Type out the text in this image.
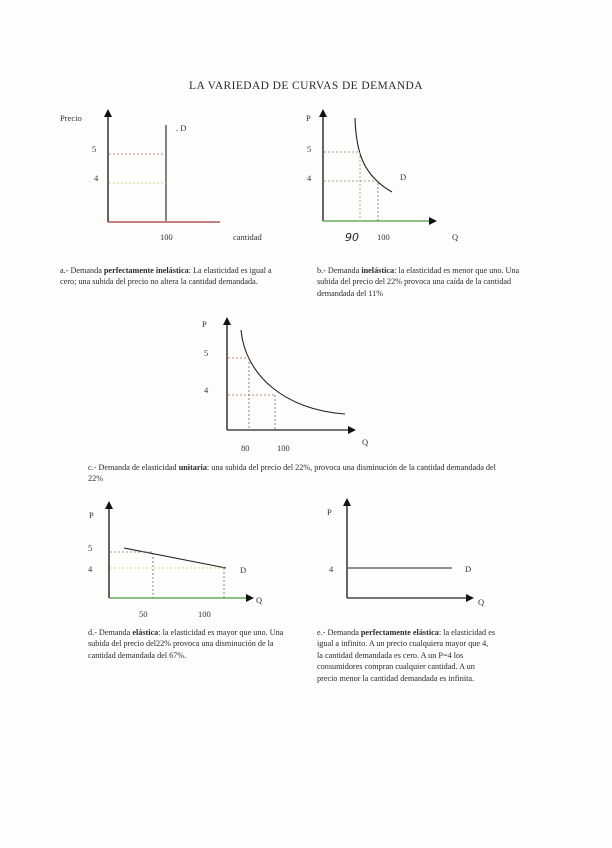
LA VARIEDAD DE CURVAS DE DEMANDA
Precio
5
4
100	cantidad
. D
P
5
4
90 100	Q
D
P
5
4
80	100
Q
P
5
4
50	100
Q
D
P
4
Q
D
a.- Demanda perfectamente inelástica: La elasticidad es igual a cero; una subida del precio no altera la cantidad demandada.
b.- Demanda inelástica: la elasticidad es menor que uno. Una subida del precio del 22% provoca una caída de la cantidad demandada del 11%
c.- Demanda de elasticidad unitaria: una subida del precio del 22%, provoca una disminución de la cantidad demandada del 22%
d.- Demanda elástica: la elasticidad es mayor que uno. Una subida del precio del22% provoca una disminución de la cantidad demandada del 67%.
e.- Demanda perfectamente elástica: la elasticidad es igual a infinito. A un precio cualquiera mayor que 4, la cantidad demandada es cero. A un P=4 los consumidores compran cualquier cantidad. A un precio menor la cantidad demandada es infinita.
